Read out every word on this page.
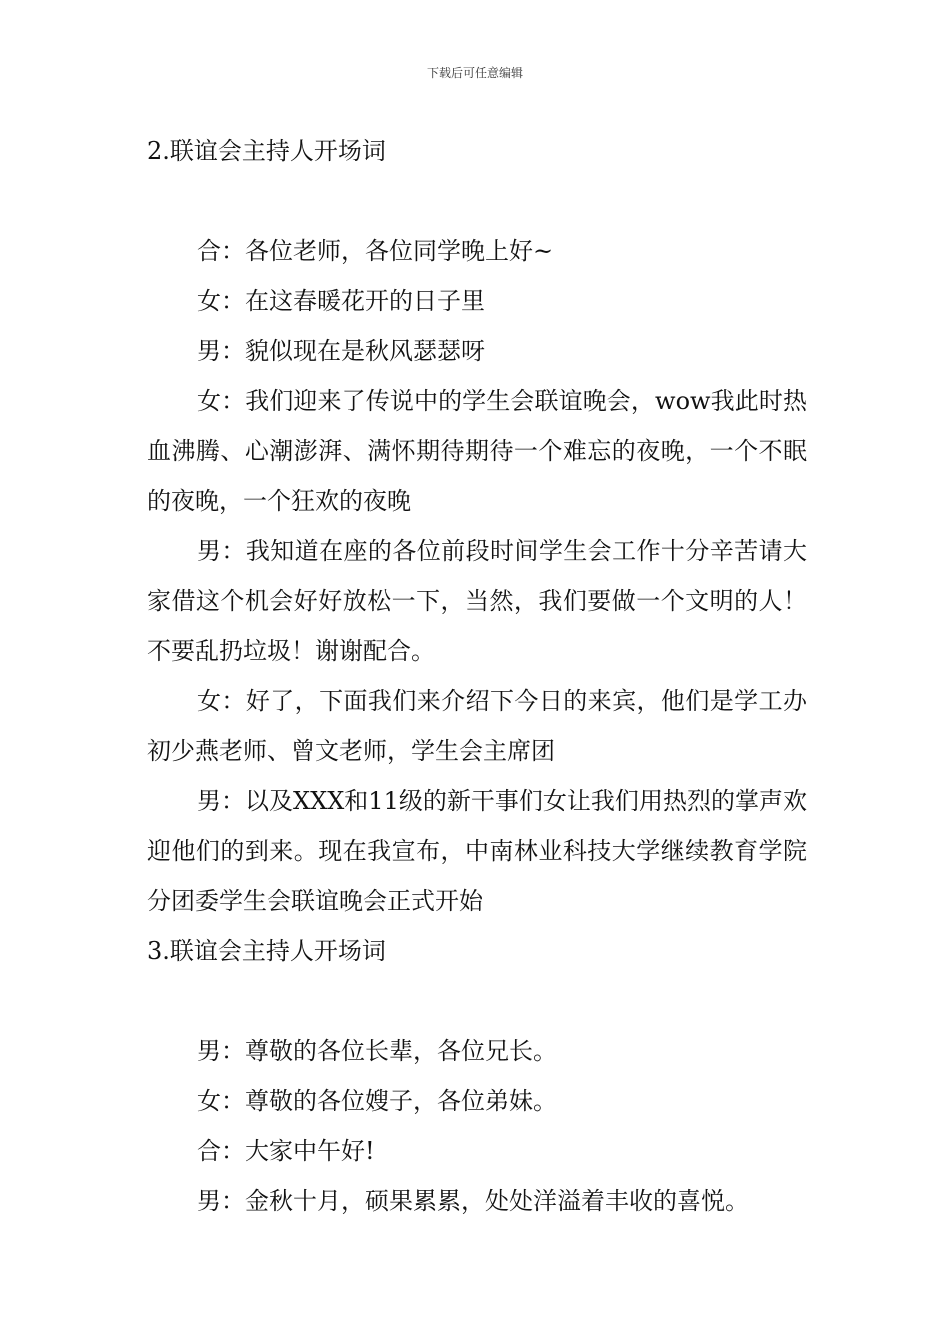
下载后可任意编辑
2.联谊会主持人开场词

合：各位老师，各位同学晚上好~

女：在这春暖花开的日子里

男：貌似现在是秋风瑟瑟呀

女：我们迎来了传说中的学生会联谊晚会，wow我此时热血沸腾、心潮澎湃、满怀期待期待一个难忘的夜晚，一个不眠的夜晚，一个狂欢的夜晚

男：我知道在座的各位前段时间学生会工作十分辛苦请大家借这个机会好好放松一下，当然，我们要做一个文明的人！不要乱扔垃圾！谢谢配合。

女：好了，下面我们来介绍下今日的来宾，他们是学工办初少燕老师、曾文老师，学生会主席团

男：以及XXX和11级的新干事们女让我们用热烈的掌声欢迎他们的到来。现在我宣布，中南林业科技大学继续教育学院分团委学生会联谊晚会正式开始

3.联谊会主持人开场词

男：尊敬的各位长辈，各位兄长。

女：尊敬的各位嫂子，各位弟妹。

合：大家中午好!

男：金秋十月，硕果累累，处处洋溢着丰收的喜悦。
